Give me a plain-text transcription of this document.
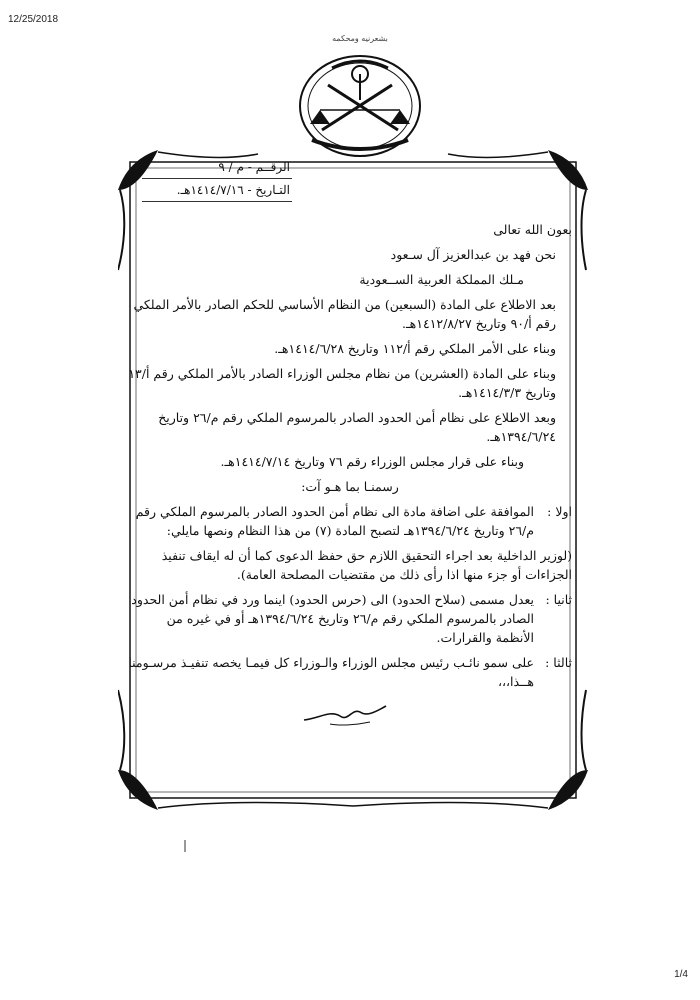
12/25/2018
بشعرنيه ومحكمه
الرقــم - م / ٩
التـاريخ - ١٤١٤/٧/١٦هـ.

بعون الله تعالى

نحن فهد بن عبدالعزيز آل سـعود

مـلك المملكة العربية الســعودية

بعد الاطلاع على المادة (السبعين) من النظام الأساسي للحكم الصادر بالأمر الملكي رقم أ/٩٠ وتاريخ ١٤١٢/٨/٢٧هـ.

وبناء على الأمر الملكي رقم أ/١١٢ وتاريخ ١٤١٤/٦/٢٨هـ.

وبناء على المادة (العشرين) من نظام مجلس الوزراء الصادر بالأمر الملكي رقم أ/١٣ وتاريخ ١٤١٤/٣/٣هـ.

وبعد الاطلاع على نظام أمن الحدود الصادر بالمرسوم الملكي رقم م/٢٦ وتاريخ ١٣٩٤/٦/٢٤هـ.

وبناء على قرار مجلس الوزراء رقم ٧٦ وتاريخ ١٤١٤/٧/١٤هـ.

رسمنـا بما هـو آت:

اولا :

الموافقة على اضافة مادة الى نظام أمن الحدود الصادر بالمرسوم الملكي رقم م/٢٦ وتاريخ ١٣٩٤/٦/٢٤هـ لتصبح المادة (٧) من هذا النظام ونصها مايلي:

(لوزير الداخلية بعد اجراء التحقيق اللازم حق حفظ الدعوى كما أن له ايقاف تنفيذ الجزاءات أو جزء منها اذا رأى ذلك من مقتضيات المصلحة العامة).

ثانيا :

يعدل مسمى (سلاح الحدود) الى (حرس الحدود) اينما ورد في نظام أمن الحدود الصادر بالمرسوم الملكي رقم م/٢٦ وتاريخ ١٣٩٤/٦/٢٤هـ أو في غيره من الأنظمة والقرارات.

ثالثا :

على سمو نائـب رئيس مجلس الوزراء والـوزراء كل فيمـا يخصه تنفيـذ مرسـومنا هــذا،،،

1/4
